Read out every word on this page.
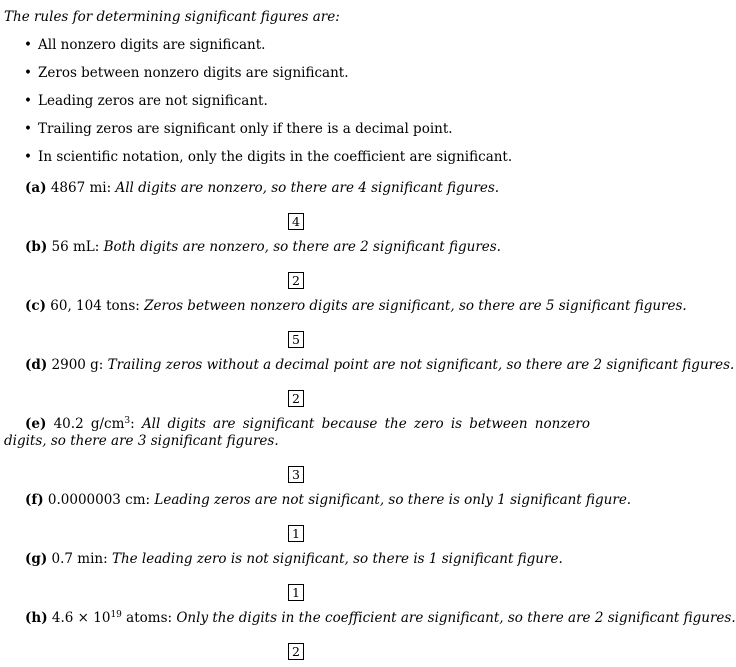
The rules for determining significant figures are:
• All nonzero digits are significant.
• Zeros between nonzero digits are significant.
• Leading zeros are not significant.
• Trailing zeros are significant only if there is a decimal point.
• In scientific notation, only the digits in the coefficient are significant.
(a) 4867 mi: All digits are nonzero, so there are 4 significant figures.
4
(b) 56 mL: Both digits are nonzero, so there are 2 significant figures.
2
(c) 60, 104 tons: Zeros between nonzero digits are significant, so there are 5 significant figures.
5
(d) 2900 g: Trailing zeros without a decimal point are not significant, so there are 2 significant figures.
2
(e) 40.2 $g/cm^3$: All digits are significant because the zero is between nonzero digits, so there are 3 significant figures.
3
(f) 0.0000003 cm: Leading zeros are not significant, so there is only 1 significant figure.
1
(g) 0.7 min: The leading zero is not significant, so there is 1 significant figure.
1
(h) $4.6 \times 10^{19}$ atoms: Only the digits in the coefficient are significant, so there are 2 significant figures.
2
